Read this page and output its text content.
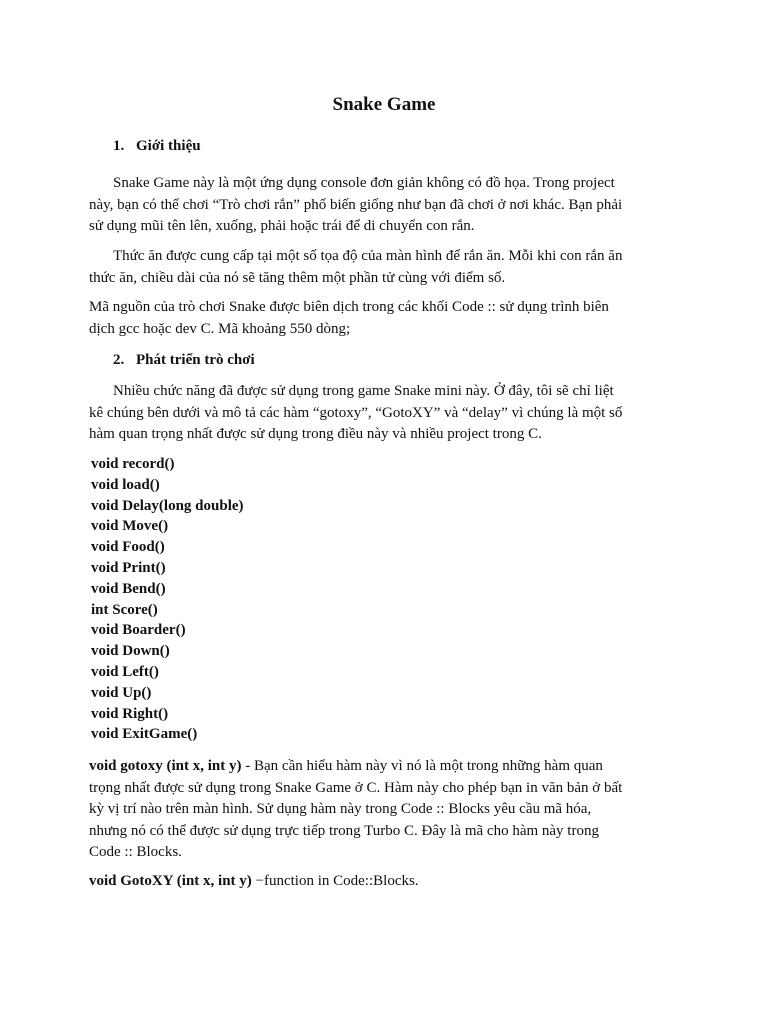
Snake Game
1. Giới thiệu
Snake Game này là một ứng dụng console đơn giản không có đồ họa. Trong project
này, bạn có thể chơi “Trò chơi rắn” phổ biến giống như bạn đã chơi ở nơi khác. Bạn phải
sử dụng mũi tên lên, xuống, phải hoặc trái để di chuyển con rắn.
Thức ăn được cung cấp tại một số tọa độ của màn hình để rắn ăn. Mỗi khi con rắn ăn
thức ăn, chiều dài của nó sẽ tăng thêm một phần tử cùng với điểm số.
Mã nguồn của trò chơi Snake được biên dịch trong các khối Code :: sử dụng trình biên
dịch gcc hoặc dev C. Mã khoảng 550 dòng;
2. Phát triển trò chơi
Nhiều chức năng đã được sử dụng trong game Snake mini này. Ở đây, tôi sẽ chỉ liệt
kê chúng bên dưới và mô tả các hàm “gotoxy”, “GotoXY” và “delay” vì chúng là một số
hàm quan trọng nhất được sử dụng trong điều này và nhiều project trong C.
void record()
void load()
void Delay(long double)
void Move()
void Food()
void Print()
void Bend()
int Score()
void Boarder()
void Down()
void Left()
void Up()
void Right()
void ExitGame()
void gotoxy (int x, int y) - Bạn cần hiểu hàm này vì nó là một trong những hàm quan
trọng nhất được sử dụng trong Snake Game ở C. Hàm này cho phép bạn in văn bản ở bất
kỳ vị trí nào trên màn hình. Sử dụng hàm này trong Code :: Blocks yêu cầu mã hóa,
nhưng nó có thể được sử dụng trực tiếp trong Turbo C. Đây là mã cho hàm này trong
Code :: Blocks.
void GotoXY (int x, int y) −function in Code::Blocks.
